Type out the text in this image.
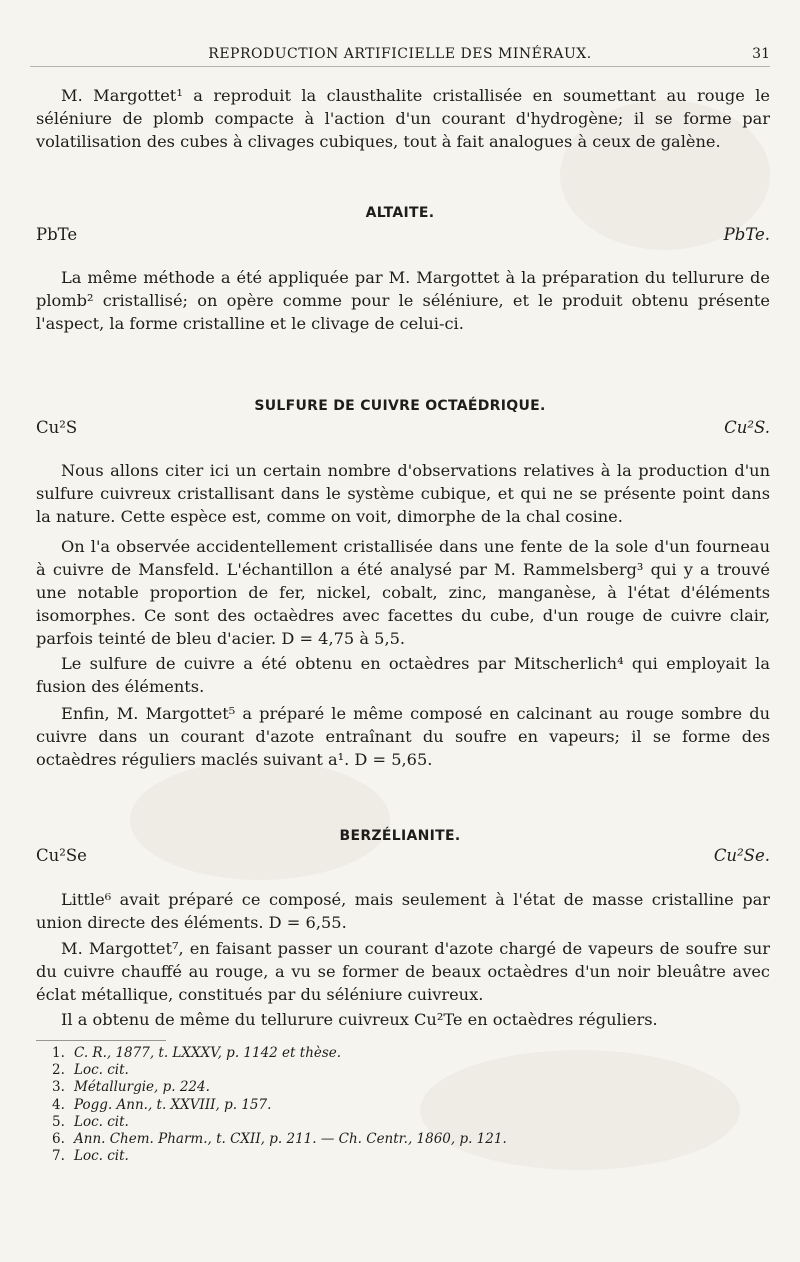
REPRODUCTION ARTIFICIELLE DES MINÉRAUX.	31

M. Margottet¹ a reproduit la clausthalite cristallisée en soumettant au rouge le séléniure de plomb compacte à l'action d'un courant d'hydrogène; il se forme par volatilisation des cubes à clivages cubiques, tout à fait analogues à ceux de galène.

ALTAITE.
PbTe	PbTe.

La même méthode a été appliquée par M. Margottet à la préparation du tellurure de plomb² cristallisé; on opère comme pour le séléniure, et le produit obtenu présente l'aspect, la forme cristalline et le clivage de celui-ci.

SULFURE DE CUIVRE OCTAÉDRIQUE.
Cu²S	Cu²S.

Nous allons citer ici un certain nombre d'observations relatives à la production d'un sulfure cuivreux cristallisant dans le système cubique, et qui ne se présente point dans la nature. Cette espèce est, comme on voit, dimorphe de la chal cosine.

On l'a observée accidentellement cristallisée dans une fente de la sole d'un fourneau à cuivre de Mansfeld. L'échantillon a été analysé par M. Rammelsberg³ qui y a trouvé une notable proportion de fer, nickel, cobalt, zinc, manganèse, à l'état d'éléments isomorphes. Ce sont des octaèdres avec facettes du cube, d'un rouge de cuivre clair, parfois teinté de bleu d'acier. D = 4,75 à 5,5.

Le sulfure de cuivre a été obtenu en octaèdres par Mitscherlich⁴ qui employait la fusion des éléments.

Enfin, M. Margottet⁵ a préparé le même composé en calcinant au rouge sombre du cuivre dans un courant d'azote entraînant du soufre en vapeurs; il se forme des octaèdres réguliers maclés suivant a¹. D = 5,65.

BERZÉLIANITE.
Cu²Se	Cu²Se.

Little⁶ avait préparé ce composé, mais seulement à l'état de masse cristalline par union directe des éléments. D = 6,55.

M. Margottet⁷, en faisant passer un courant d'azote chargé de vapeurs de soufre sur du cuivre chauffé au rouge, a vu se former de beaux octaèdres d'un noir bleuâtre avec éclat métallique, constitués par du séléniure cuivreux.

Il a obtenu de même du tellurure cuivreux Cu²Te en octaèdres réguliers.

1. C. R., 1877, t. LXXXV, p. 1142 et thèse.
2. Loc. cit.
3. Métallurgie, p. 224.
4. Pogg. Ann., t. XXVIII, p. 157.
5. Loc. cit.
6. Ann. Chem. Pharm., t. CXII, p. 211. — Ch. Centr., 1860, p. 121.
7. Loc. cit.
